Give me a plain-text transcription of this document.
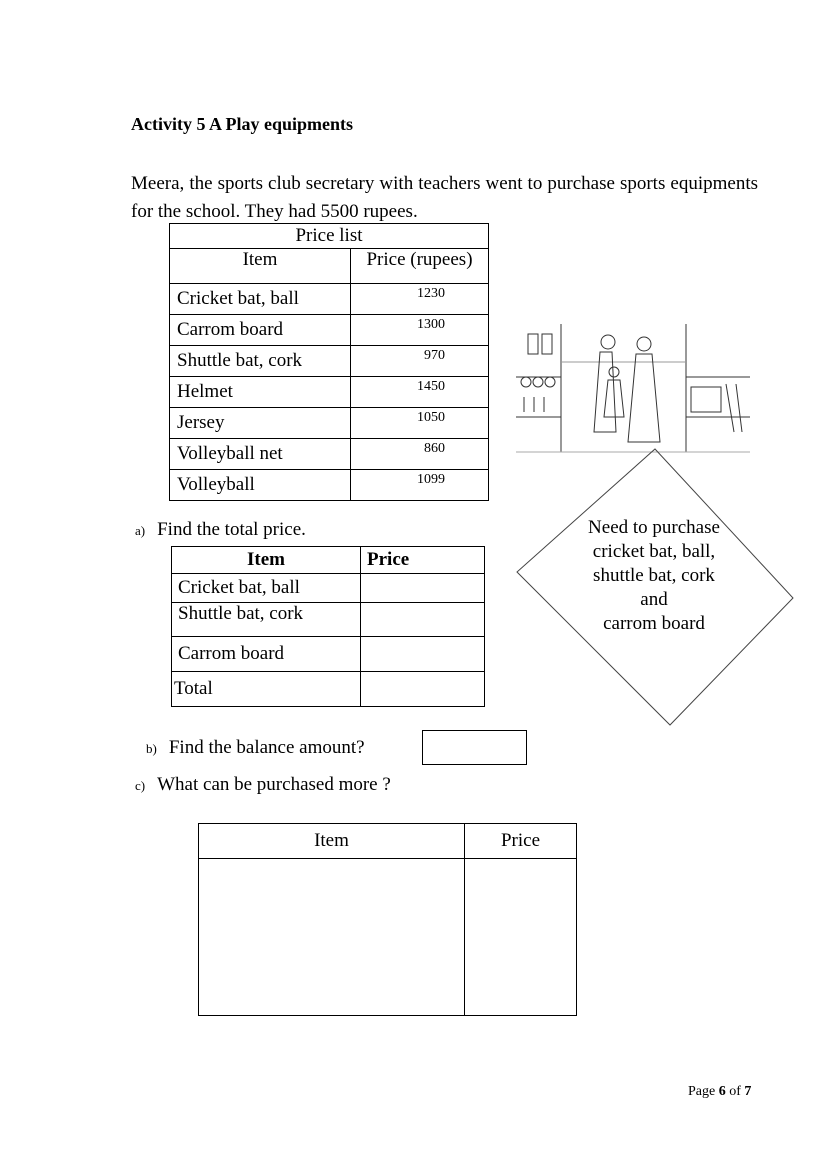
Activity 5 A Play equipments
Meera, the sports club secretary with teachers went to purchase sports equipments for the school. They had 5500 rupees.
Price list	
Item	Price (rupees)
Cricket bat, ball	1230
Carrom board	1300
Shuttle bat, cork	970
Helmet	1450
Jersey	1050
Volleyball net	860
Volleyball	1099
Need to purchase
cricket bat, ball,
shuttle bat, cork
and
carrom board
a) Find the total price.
Item	Price
Cricket bat, ball	
Shuttle bat, cork	
Carrom board	
Total	
b) Find the balance amount?
c) What can be purchased more ?
Item	Price

Page 6 of 7
